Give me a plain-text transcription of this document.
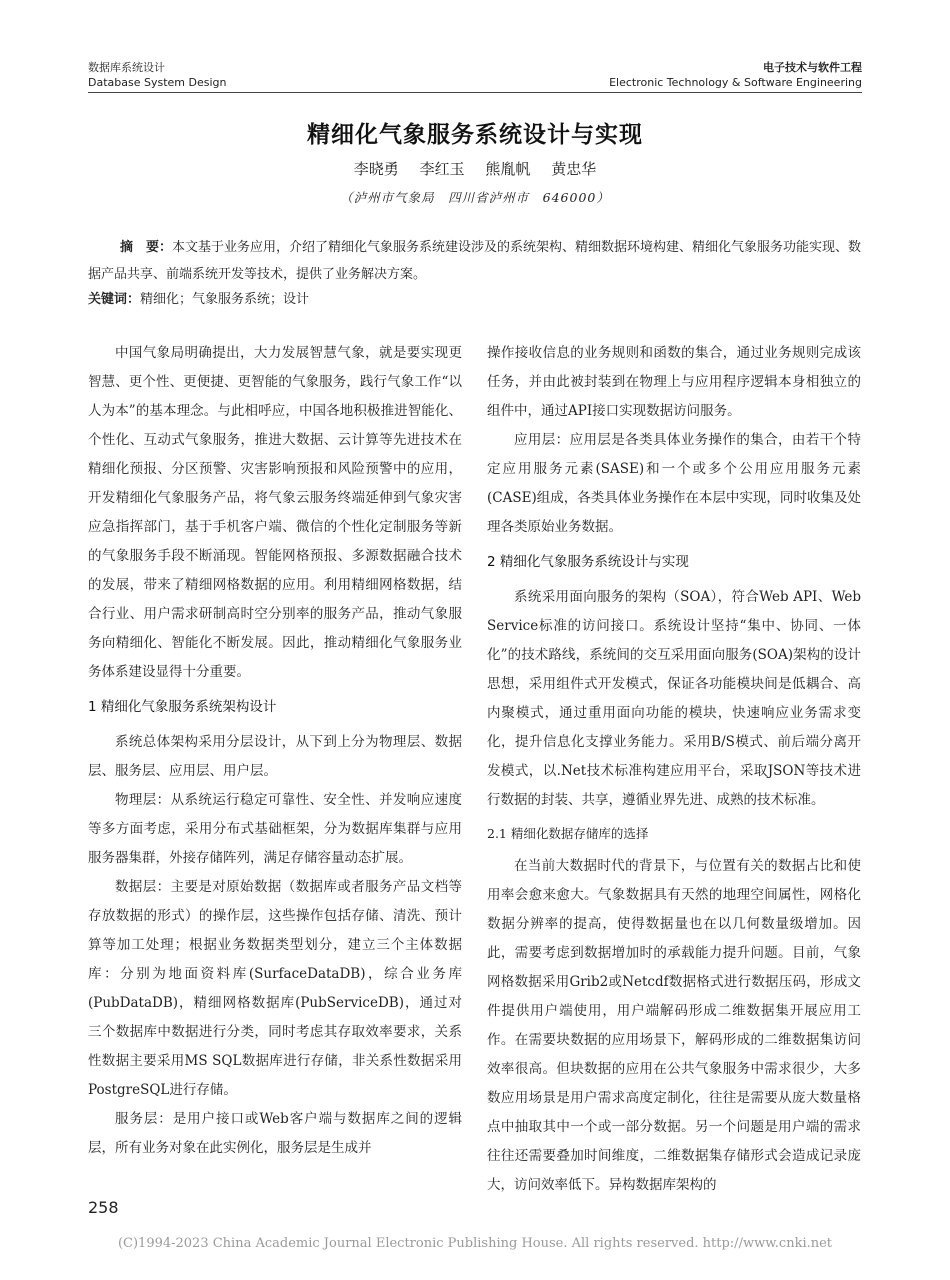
数据库系统设计
Database System Design
电子技术与软件工程
Electronic Technology & Software Engineering
精细化气象服务系统设计与实现
李晓勇 李红玉 熊胤帆 黄忠华
（泸州市气象局　四川省泸州市　646000）
摘　要：本文基于业务应用，介绍了精细化气象服务系统建设涉及的系统架构、精细数据环境构建、精细化气象服务功能实现、数据产品共享、前端系统开发等技术，提供了业务解决方案。
关键词：精细化；气象服务系统；设计

中国气象局明确提出，大力发展智慧气象，就是要实现更智慧、更个性、更便捷、更智能的气象服务，践行气象工作“以人为本”的基本理念。与此相呼应，中国各地积极推进智能化、个性化、互动式气象服务，推进大数据、云计算等先进技术在精细化预报、分区预警、灾害影响预报和风险预警中的应用，开发精细化气象服务产品，将气象云服务终端延伸到气象灾害应急指挥部门，基于手机客户端、微信的个性化定制服务等新的气象服务手段不断涌现。智能网格预报、多源数据融合技术的发展，带来了精细网格数据的应用。利用精细网格数据，结合行业、用户需求研制高时空分别率的服务产品，推动气象服务向精细化、智能化不断发展。因此，推动精细化气象服务业务体系建设显得十分重要。

1 精细化气象服务系统架构设计

系统总体架构采用分层设计，从下到上分为物理层、数据层、服务层、应用层、用户层。

物理层：从系统运行稳定可靠性、安全性、并发响应速度等多方面考虑，采用分布式基础框架，分为数据库集群与应用服务器集群，外接存储阵列，满足存储容量动态扩展。

数据层：主要是对原始数据（数据库或者服务产品文档等存放数据的形式）的操作层，这些操作包括存储、清洗、预计算等加工处理；根据业务数据类型划分，建立三个主体数据库：分别为地面资料库(SurfaceDataDB)，综合业务库(PubDataDB)，精细网格数据库(PubServiceDB)，通过对三个数据库中数据进行分类，同时考虑其存取效率要求，关系性数据主要采用MS SQL数据库进行存储，非关系性数据采用PostgreSQL进行存储。

服务层：是用户接口或Web客户端与数据库之间的逻辑层，所有业务对象在此实例化，服务层是生成并

操作接收信息的业务规则和函数的集合，通过业务规则完成该任务，并由此被封装到在物理上与应用程序逻辑本身相独立的组件中，通过API接口实现数据访问服务。

应用层：应用层是各类具体业务操作的集合，由若干个特定应用服务元素(SASE)和一个或多个公用应用服务元素(CASE)组成，各类具体业务操作在本层中实现，同时收集及处理各类原始业务数据。

2 精细化气象服务系统设计与实现

系统采用面向服务的架构（SOA），符合Web API、Web Service标准的访问接口。系统设计坚持“集中、协同、一体化”的技术路线，系统间的交互采用面向服务(SOA)架构的设计思想，采用组件式开发模式，保证各功能模块间是低耦合、高内聚模式，通过重用面向功能的模块，快速响应业务需求变化，提升信息化支撑业务能力。采用B/S模式、前后端分离开发模式，以.Net技术标准构建应用平台，采取JSON等技术进行数据的封装、共享，遵循业界先进、成熟的技术标准。

2.1 精细化数据存储库的选择

在当前大数据时代的背景下，与位置有关的数据占比和使用率会愈来愈大。气象数据具有天然的地理空间属性，网格化数据分辨率的提高，使得数据量也在以几何数量级增加。因此，需要考虑到数据增加时的承载能力提升问题。目前，气象网格数据采用Grib2或Netcdf数据格式进行数据压码，形成文件提供用户端使用，用户端解码形成二维数据集开展应用工作。在需要块数据的应用场景下，解码形成的二维数据集访问效率很高。但块数据的应用在公共气象服务中需求很少，大多数应用场景是用户需求高度定制化，往往是需要从庞大数量格点中抽取其中一个或一部分数据。另一个问题是用户端的需求往往还需要叠加时间维度，二维数据集存储形式会造成记录庞大，访问效率低下。异构数据库架构的

258
(C)1994-2023 China Academic Journal Electronic Publishing House. All rights reserved. http://www.cnki.net
